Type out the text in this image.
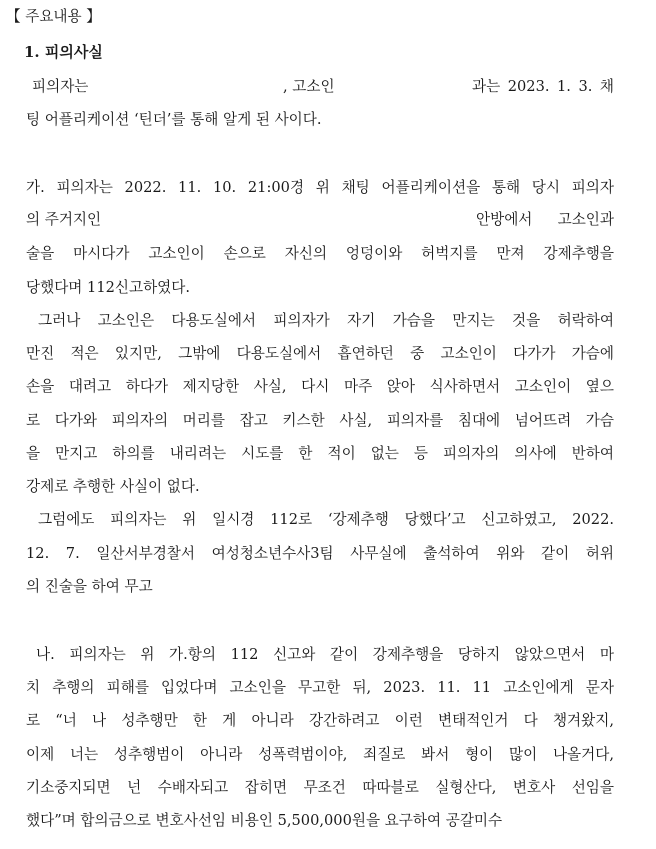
【 주요내용 】
1. 피의사실
피의자는	, 고소인	과는 2023. 1. 3. 채
팅 어플리케이션 ‘틴더’를 통해 알게 된 사이다.
가. 피의자는 2022. 11. 10. 21:00경 위 채팅 어플리케이션을 통해 당시 피의자
의 주거지인	안방에서 고소인과
술을 마시다가 고소인이 손으로 자신의 엉덩이와 허벅지를 만져 강제추행을
당했다며 112신고하였다.
그러나 고소인은 다용도실에서 피의자가 자기 가슴을 만지는 것을 허락하여
만진 적은 있지만, 그밖에 다용도실에서 흡연하던 중 고소인이 다가가 가슴에
손을 대려고 하다가 제지당한 사실, 다시 마주 앉아 식사하면서 고소인이 옆으
로 다가와 피의자의 머리를 잡고 키스한 사실, 피의자를 침대에 넘어뜨려 가슴
을 만지고 하의를 내리려는 시도를 한 적이 없는 등 피의자의 의사에 반하여
강제로 추행한 사실이 없다.
그럼에도 피의자는 위 일시경 112로 ‘강제추행 당했다’고 신고하였고, 2022.
12. 7. 일산서부경찰서 여성청소년수사3팀 사무실에 출석하여 위와 같이 허위
의 진술을 하여 무고
나. 피의자는 위 가.항의 112 신고와 같이 강제추행을 당하지 않았으면서 마
치 추행의 피해를 입었다며 고소인을 무고한 뒤, 2023. 11. 11 고소인에게 문자
로 “너 나 성추행만 한 게 아니라 강간하려고 이런 변태적인거 다 챙겨왔지,
이제 너는 성추행범이 아니라 성폭력범이야, 죄질로 봐서 형이 많이 나올거다,
기소중지되면 넌 수배자되고 잡히면 무조건 따따블로 실형산다, 변호사 선임을
했다”며 합의금으로 변호사선임 비용인 5,500,000원을 요구하여 공갈미수
